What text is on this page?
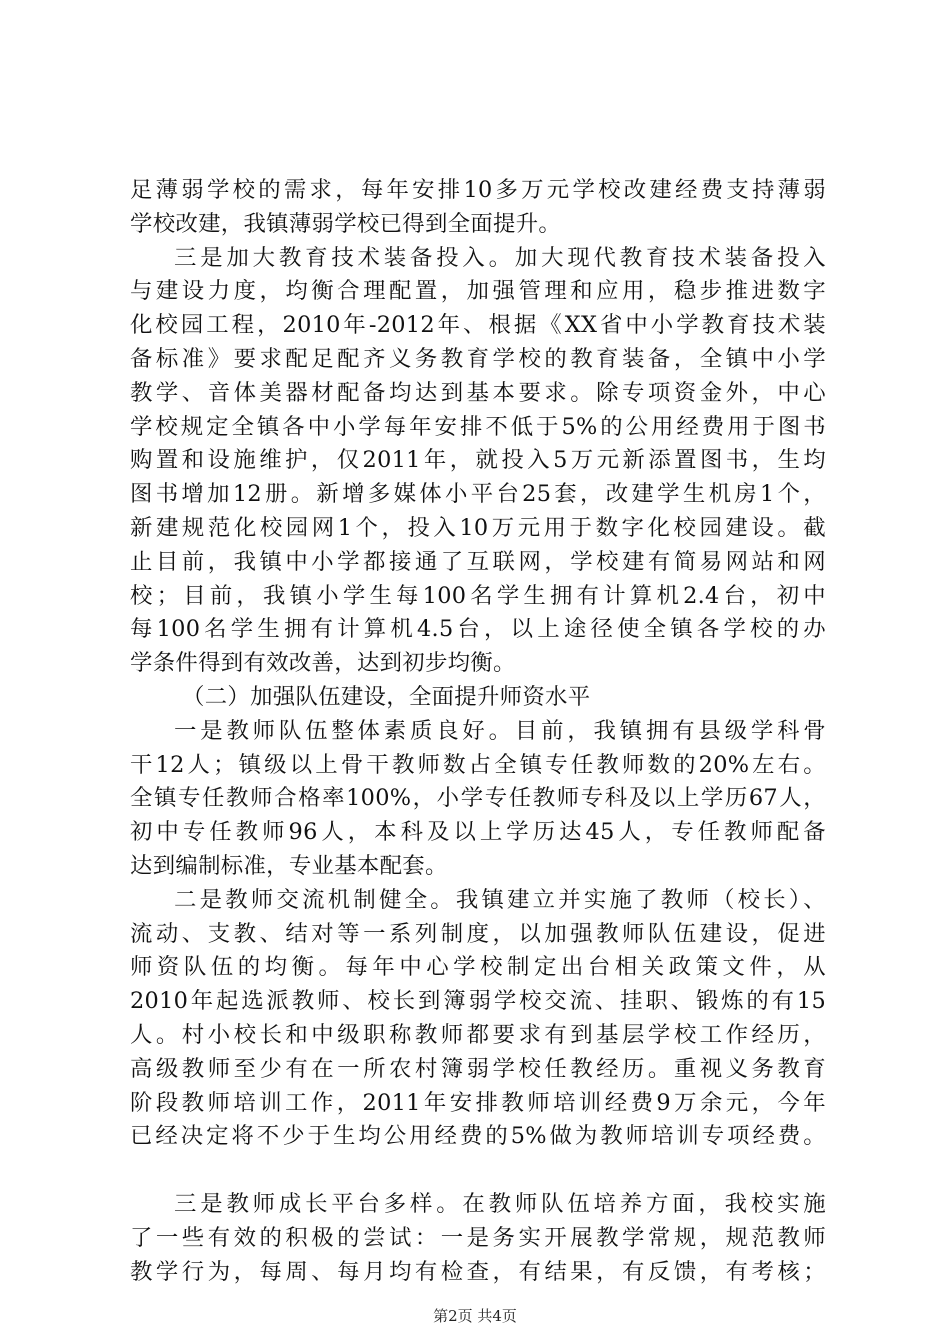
足薄弱学校的需求，每年安排10多万元学校改建经费支持薄弱
学校改建，我镇薄弱学校已得到全面提升。
三是加大教育技术装备投入。加大现代教育技术装备投入
与建设力度，均衡合理配置，加强管理和应用，稳步推进数字
化校园工程，2010年-2012年、根据《XX省中小学教育技术装
备标准》要求配足配齐义务教育学校的教育装备，全镇中小学
教学、音体美器材配备均达到基本要求。除专项资金外，中心
学校规定全镇各中小学每年安排不低于5%的公用经费用于图书
购置和设施维护，仅2011年，就投入5万元新添置图书，生均
图书增加12册。新增多媒体小平台25套，改建学生机房1个，
新建规范化校园网1个，投入10万元用于数字化校园建设。截
止目前，我镇中小学都接通了互联网，学校建有简易网站和网
校；目前，我镇小学生每100名学生拥有计算机2.4台，初中
每100名学生拥有计算机4.5台，以上途径使全镇各学校的办
学条件得到有效改善，达到初步均衡。
（二）加强队伍建设，全面提升师资水平
一是教师队伍整体素质良好。目前，我镇拥有县级学科骨
干12人；镇级以上骨干教师数占全镇专任教师数的20%左右。
全镇专任教师合格率100%，小学专任教师专科及以上学历67人，
初中专任教师96人，本科及以上学历达45人，专任教师配备
达到编制标准，专业基本配套。
二是教师交流机制健全。我镇建立并实施了教师（校长）、
流动、支教、结对等一系列制度，以加强教师队伍建设，促进
师资队伍的均衡。每年中心学校制定出台相关政策文件，从
2010年起选派教师、校长到簿弱学校交流、挂职、锻炼的有15
人。村小校长和中级职称教师都要求有到基层学校工作经历，
高级教师至少有在一所农村簿弱学校任教经历。重视义务教育
阶段教师培训工作，2011年安排教师培训经费9万余元，今年
已经决定将不少于生均公用经费的5%做为教师培训专项经费。
三是教师成长平台多样。在教师队伍培养方面，我校实施
了一些有效的积极的尝试：一是务实开展教学常规，规范教师
教学行为，每周、每月均有检查，有结果，有反馈，有考核；
第2页 共4页
